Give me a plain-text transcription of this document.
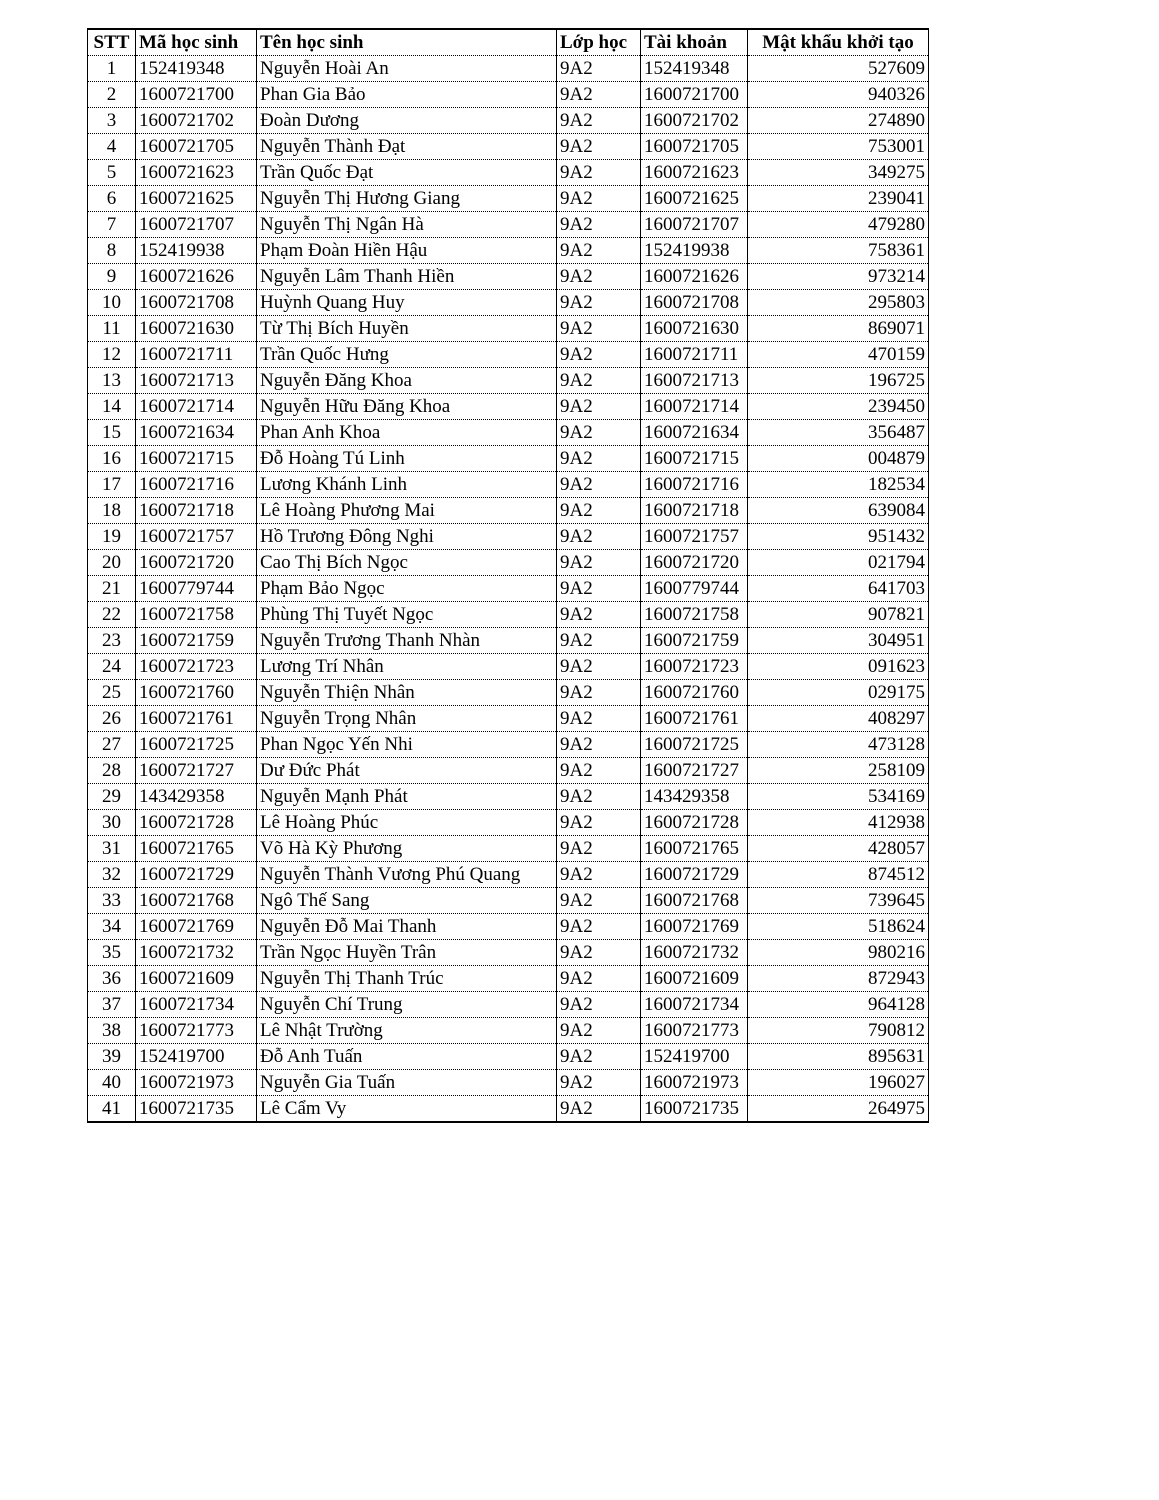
STT	Mã học sinh	Tên học sinh	Lớp học	Tài khoản	Mật khẩu khởi tạo
1	152419348	Nguyễn Hoài An	9A2	152419348	527609
2	1600721700	Phan Gia Bảo	9A2	1600721700	940326
3	1600721702	Đoàn Dương	9A2	1600721702	274890
4	1600721705	Nguyễn Thành Đạt	9A2	1600721705	753001
5	1600721623	Trần Quốc Đạt	9A2	1600721623	349275
6	1600721625	Nguyễn Thị Hương Giang	9A2	1600721625	239041
7	1600721707	Nguyễn Thị Ngân Hà	9A2	1600721707	479280
8	152419938	Phạm Đoàn Hiền Hậu	9A2	152419938	758361
9	1600721626	Nguyễn Lâm Thanh Hiền	9A2	1600721626	973214
10	1600721708	Huỳnh Quang Huy	9A2	1600721708	295803
11	1600721630	Từ Thị Bích Huyền	9A2	1600721630	869071
12	1600721711	Trần Quốc Hưng	9A2	1600721711	470159
13	1600721713	Nguyễn Đăng Khoa	9A2	1600721713	196725
14	1600721714	Nguyễn Hữu Đăng Khoa	9A2	1600721714	239450
15	1600721634	Phan Anh Khoa	9A2	1600721634	356487
16	1600721715	Đỗ Hoàng Tú Linh	9A2	1600721715	004879
17	1600721716	Lương Khánh Linh	9A2	1600721716	182534
18	1600721718	Lê Hoàng Phương Mai	9A2	1600721718	639084
19	1600721757	Hồ Trương Đông Nghi	9A2	1600721757	951432
20	1600721720	Cao Thị Bích Ngọc	9A2	1600721720	021794
21	1600779744	Phạm Bảo Ngọc	9A2	1600779744	641703
22	1600721758	Phùng Thị Tuyết Ngọc	9A2	1600721758	907821
23	1600721759	Nguyễn Trương Thanh Nhàn	9A2	1600721759	304951
24	1600721723	Lương Trí Nhân	9A2	1600721723	091623
25	1600721760	Nguyễn Thiện Nhân	9A2	1600721760	029175
26	1600721761	Nguyễn Trọng Nhân	9A2	1600721761	408297
27	1600721725	Phan Ngọc Yến Nhi	9A2	1600721725	473128
28	1600721727	Dư Đức Phát	9A2	1600721727	258109
29	143429358	Nguyễn Mạnh Phát	9A2	143429358	534169
30	1600721728	Lê Hoàng Phúc	9A2	1600721728	412938
31	1600721765	Võ Hà Kỳ Phương	9A2	1600721765	428057
32	1600721729	Nguyễn Thành Vương Phú Quang	9A2	1600721729	874512
33	1600721768	Ngô Thế Sang	9A2	1600721768	739645
34	1600721769	Nguyễn Đỗ Mai Thanh	9A2	1600721769	518624
35	1600721732	Trần Ngọc Huyền Trân	9A2	1600721732	980216
36	1600721609	Nguyễn Thị Thanh Trúc	9A2	1600721609	872943
37	1600721734	Nguyễn Chí Trung	9A2	1600721734	964128
38	1600721773	Lê Nhật Trường	9A2	1600721773	790812
39	152419700	Đỗ Anh Tuấn	9A2	152419700	895631
40	1600721973	Nguyễn Gia Tuấn	9A2	1600721973	196027
41	1600721735	Lê Cẩm Vy	9A2	1600721735	264975
